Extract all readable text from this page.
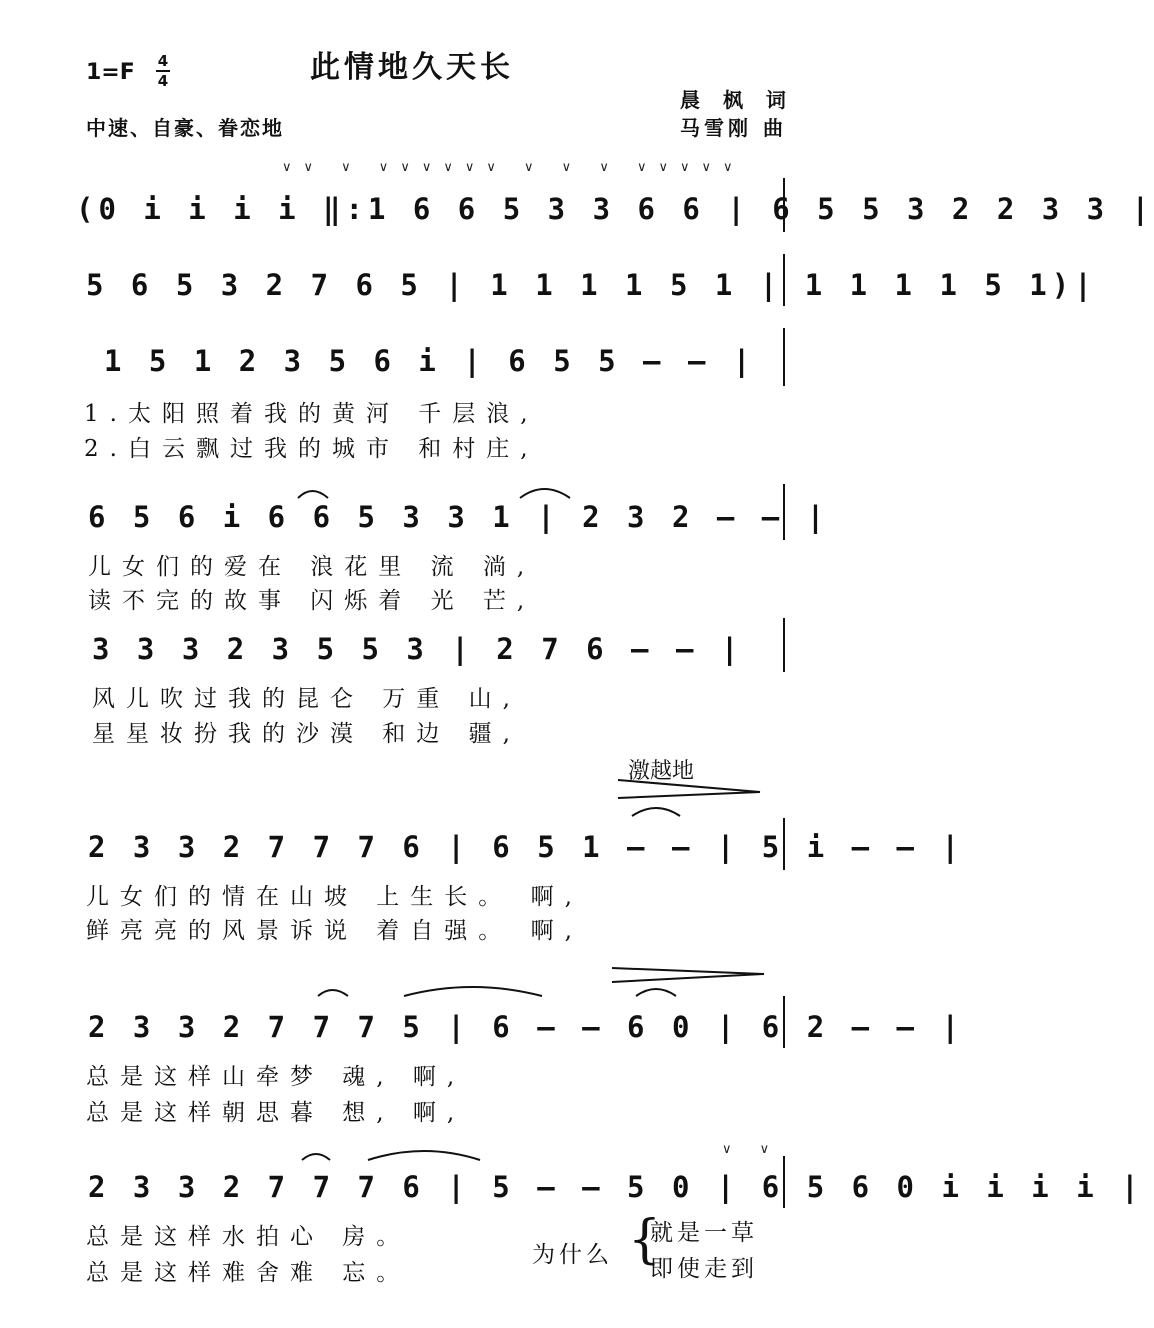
1=F 4
4	此情地久天长
中速、自豪、眷恋地
晨 枫 词
马雪刚 曲
∨∨ ∨ ∨∨∨∨∨∨ ∨ ∨ ∨ ∨∨∨∨∨
(0 i i i i ‖:1 6 6 5 3 3 6 6 | 6 5 5 3 2 2 3 3 |
5 6 5 3 2 7 6 5 | 1 1 1 1 5 1 | 1 1 1 1 5 1)|
1 5 1 2 3 5 6 i | 6 5 5 — — |
1.太阳照着我的黄河 千层浪,
2.白云飘过我的城市 和村庄,
6 5 6 i 6 6 5 3 3 1 | 2 3 2 — — |
儿女们的爱在 浪花里 流 淌,
读不完的故事 闪烁着 光 芒,
3 3 3 2 3 5 5 3 | 2 7 6 — — |
风儿吹过我的昆仑 万重 山,
星星妆扮我的沙漠 和边 疆,
激越地
2 3 3 2 7 7 7 6 | 6 5 1 — — | 5 i — — |
儿女们的情在山坡 上生长。 啊,
鲜亮亮的风景诉说 着自强。 啊,
2 3 3 2 7 7 7 5 | 6 — — 6 0 | 6 2 — — |
总是这样山牵梦 魂, 啊,
总是这样朝思暮 想, 啊,
∨ ∨
2 3 3 2 7 7 7 6 | 5 — — 5 0 | 6 5 6 0 i i i i |
总是这样水拍心 房。
总是这样难舍难 忘。
为什么 {
就是一草
即使走到
